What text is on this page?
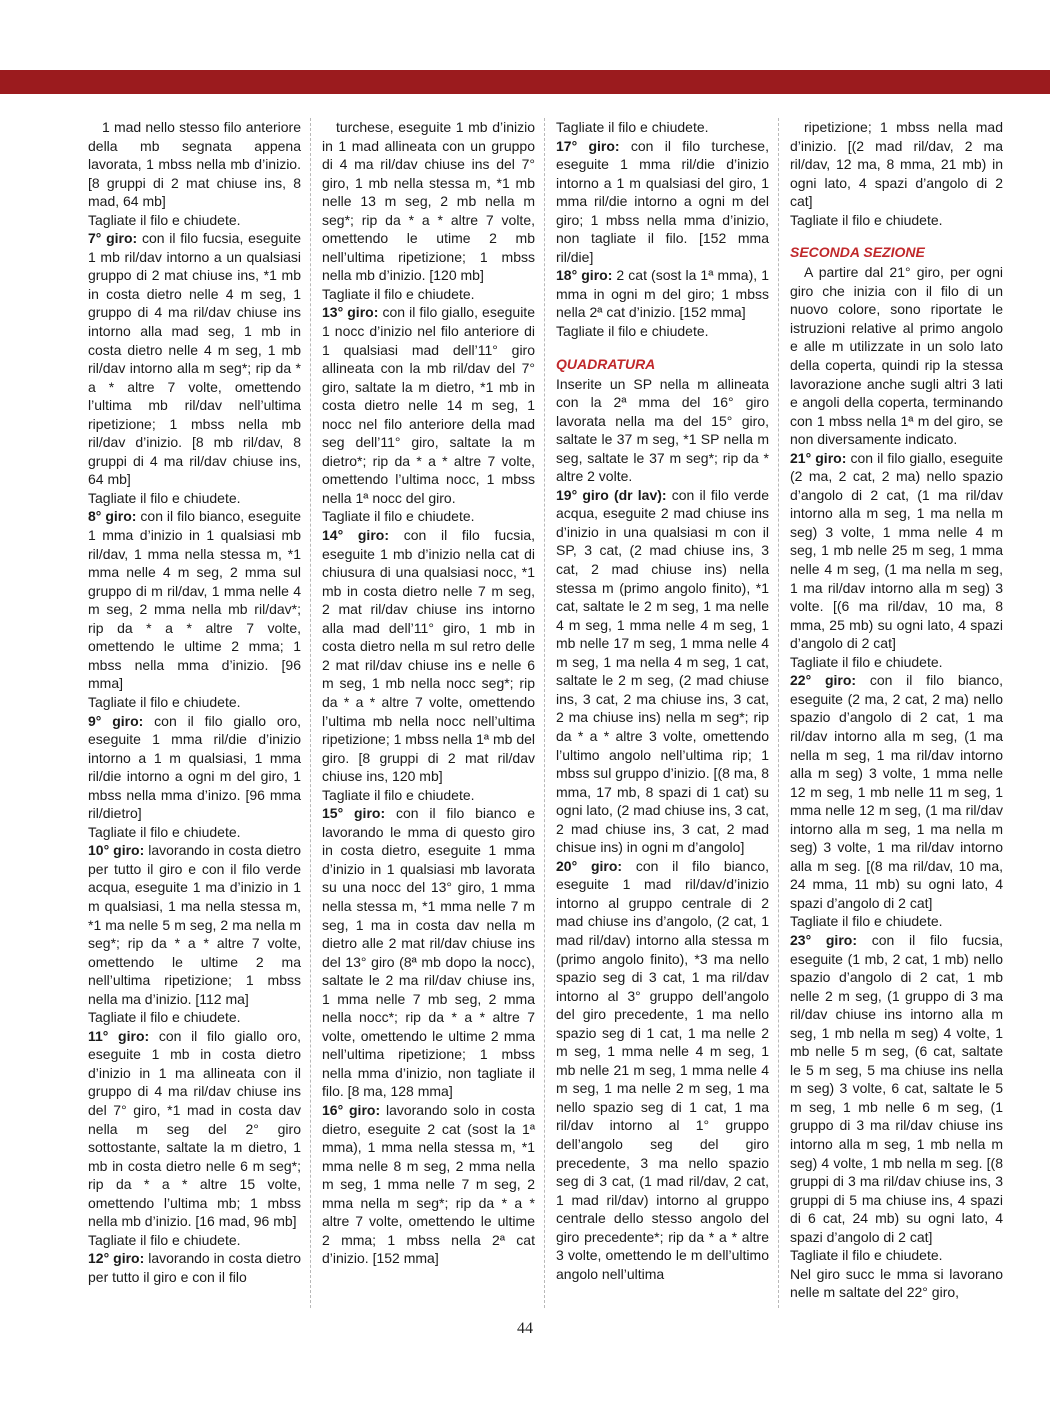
1 mad nello stesso filo anteriore della mb segnata appena lavorata, 1 mbss nella mb d’inizio. [8 gruppi di 2 mat chiuse ins, 8 mad, 64 mb]

Tagliate il filo e chiudete.

7° giro: con il filo fucsia, eseguite 1 mb ril/dav intorno a un qualsiasi gruppo di 2 mat chiuse ins, *1 mb in costa dietro nelle 4 m seg, 1 gruppo di 4 ma ril/dav chiuse ins intorno alla mad seg, 1 mb in costa dietro nelle 4 m seg, 1 mb ril/dav intorno alla m seg*; rip da * a * altre 7 volte, omettendo l’ultima mb ril/dav nell’ultima ripetizione; 1 mbss nella mb ril/dav d’inizio. [8 mb ril/dav, 8 gruppi di 4 ma ril/dav chiuse ins, 64 mb]

Tagliate il filo e chiudete.

8° giro: con il filo bianco, eseguite 1 mma d’inizio in 1 qualsiasi mb ril/dav, 1 mma nella stessa m, *1 mma nelle 4 m seg, 2 mma sul gruppo di m ril/dav, 1 mma nelle 4 m seg, 2 mma nella mb ril/dav*; rip da * a * altre 7 volte, omettendo le ultime 2 mma; 1 mbss nella mma d’inizio. [96 mma]

Tagliate il filo e chiudete.

9° giro: con il filo giallo oro, eseguite 1 mma ril/die d’inizio intorno a 1 m qualsiasi, 1 mma ril/die intorno a ogni m del giro, 1 mbss nella mma d’inizo. [96 mma ril/dietro]

Tagliate il filo e chiudete.

10° giro: lavorando in costa dietro per tutto il giro e con il filo verde acqua, eseguite 1 ma d’inizio in 1 m qualsiasi, 1 ma nella stessa m, *1 ma nelle 5 m seg, 2 ma nella m seg*; rip da * a * altre 7 volte, omettendo le ultime 2 ma nell’ultima ripetizione; 1 mbss nella ma d’inizio. [112 ma]

Tagliate il filo e chiudete.

11° giro: con il filo giallo oro, eseguite 1 mb in costa dietro d’inizio in 1 ma allineata con il gruppo di 4 ma ril/dav chiuse ins del 7° giro, *1 mad in costa dav nella m seg del 2° giro sottostante, saltate la m dietro, 1 mb in costa dietro nelle 6 m seg*; rip da * a * altre 15 volte, omettendo l’ultima mb; 1 mbss nella mb d’inizio. [16 mad, 96 mb]

Tagliate il filo e chiudete.

12° giro: lavorando in costa dietro per tutto il giro e con il filo

turchese, eseguite 1 mb d’inizio in 1 mad allineata con un gruppo di 4 ma ril/dav chiuse ins del 7° giro, 1 mb nella stessa m, *1 mb nelle 13 m seg, 2 mb nella m seg*; rip da * a * altre 7 volte, omettendo le utime 2 mb nell’ultima ripetizione; 1 mbss nella mb d’inizio. [120 mb]

Tagliate il filo e chiudete.

13° giro: con il filo giallo, eseguite 1 nocc d’inizio nel filo anteriore di 1 qualsiasi mad dell’11° giro allineata con la mb ril/dav del 7° giro, saltate la m dietro, *1 mb in costa dietro nelle 14 m seg, 1 nocc nel filo anteriore della mad seg dell’11° giro, saltate la m dietro*; rip da * a * altre 7 volte, omettendo l’ultima nocc, 1 mbss nella 1ª nocc del giro.

Tagliate il filo e chiudete.

14° giro: con il filo fucsia, eseguite 1 mb d’inizio nella cat di chiusura di una qualsiasi nocc, *1 mb in costa dietro nelle 7 m seg, 2 mat ril/dav chiuse ins intorno alla mad dell’11° giro, 1 mb in costa dietro nella m sul retro delle 2 mat ril/dav chiuse ins e nelle 6 m seg, 1 mb nella nocc seg*; rip da * a * altre 7 volte, omettendo l’ultima mb nella nocc nell’ultima ripetizione; 1 mbss nella 1ª mb del giro. [8 gruppi di 2 mat ril/dav chiuse ins, 120 mb]

Tagliate il filo e chiudete.

15° giro: con il filo bianco e lavorando le mma di questo giro in costa dietro, eseguite 1 mma d’inizio in 1 qualsiasi mb lavorata su una nocc del 13° giro, 1 mma nella stessa m, *1 mma nelle 7 m seg, 1 ma in costa dav nella m dietro alle 2 mat ril/dav chiuse ins del 13° giro (8ª mb dopo la nocc), saltate le 2 ma ril/dav chiuse ins, 1 mma nelle 7 mb seg, 2 mma nella nocc*; rip da * a * altre 7 volte, omettendo le ultime 2 mma nell’ultima ripetizione; 1 mbss nella mma d’inizio, non tagliate il filo. [8 ma, 128 mma]

16° giro: lavorando solo in costa dietro, eseguite 2 cat (sost la 1ª mma), 1 mma nella stessa m, *1 mma nelle 8 m seg, 2 mma nella m seg, 1 mma nelle 7 m seg, 2 mma nella m seg*; rip da * a * altre 7 volte, omettendo le ultime 2 mma; 1 mbss nella 2ª cat d’inizio. [152 mma]

Tagliate il filo e chiudete.

17° giro: con il filo turchese, eseguite 1 mma ril/die d’inizio intorno a 1 m qualsiasi del giro, 1 mma ril/die intorno a ogni m del giro; 1 mbss nella mma d’inizio, non tagliate il filo. [152 mma ril/die]

18° giro: 2 cat (sost la 1ª mma), 1 mma in ogni m del giro; 1 mbss nella 2ª cat d’inizio. [152 mma]

Tagliate il filo e chiudete.

QUADRATURA

Inserite un SP nella m allineata con la 2ª mma del 16° giro lavorata nella ma del 15° giro, saltate le 37 m seg, *1 SP nella m seg, saltate le 37 m seg*; rip da * altre 2 volte.

19° giro (dr lav): con il filo verde acqua, eseguite 2 mad chiuse ins d’inizio in una qualsiasi m con il SP, 3 cat, (2 mad chiuse ins, 3 cat, 2 mad chiuse ins) nella stessa m (primo angolo finito), *1 cat, saltate le 2 m seg, 1 ma nelle 4 m seg, 1 mma nelle 4 m seg, 1 mb nelle 17 m seg, 1 mma nelle 4 m seg, 1 ma nella 4 m seg, 1 cat, saltate le 2 m seg, (2 mad chiuse ins, 3 cat, 2 ma chiuse ins, 3 cat, 2 ma chiuse ins) nella m seg*; rip da * a * altre 3 volte, omettendo l’ultimo angolo nell’ultima rip; 1 mbss sul gruppo d’inizio. [(8 ma, 8 mma, 17 mb, 8 spazi di 1 cat) su ogni lato, (2 mad chiuse ins, 3 cat, 2 mad chiuse ins, 3 cat, 2 mad chisue ins) in ogni m d’angolo]

20° giro: con il filo bianco, eseguite 1 mad ril/dav/d’inizio intorno al gruppo centrale di 2 mad chiuse ins d’angolo, (2 cat, 1 mad ril/dav) intorno alla stessa m (primo angolo finito), *3 ma nello spazio seg di 3 cat, 1 ma ril/dav intorno al 3° gruppo dell’angolo del giro precedente, 1 ma nello spazio seg di 1 cat, 1 ma nelle 2 m seg, 1 mma nelle 4 m seg, 1 mb nelle 21 m seg, 1 mma nelle 4 m seg, 1 ma nelle 2 m seg, 1 ma nello spazio seg di 1 cat, 1 ma ril/dav intorno al 1° gruppo dell’angolo seg del giro precedente, 3 ma nello spazio seg di 3 cat, (1 mad ril/dav, 2 cat, 1 mad ril/dav) intorno al gruppo centrale dello stesso angolo del giro precedente*; rip da * a * altre 3 volte, omettendo le m dell’ultimo angolo nell’ultima

ripetizione; 1 mbss nella mad d’inizio. [(2 mad ril/dav, 2 ma ril/dav, 12 ma, 8 mma, 21 mb) in ogni lato, 4 spazi d’angolo di 2 cat]

Tagliate il filo e chiudete.

SECONDA SEZIONE

A partire dal 21° giro, per ogni giro che inizia con il filo di un nuovo colore, sono riportate le istruzioni relative al primo angolo e alle m utilizzate in un solo lato della coperta, quindi rip la stessa lavorazione anche sugli altri 3 lati e angoli della coperta, terminando con 1 mbss nella 1ª m del giro, se non diversamente indicato.

21° giro: con il filo giallo, eseguite (2 ma, 2 cat, 2 ma) nello spazio d’angolo di 2 cat, (1 ma ril/dav intorno alla m seg, 1 ma nella m seg) 3 volte, 1 mma nelle 4 m seg, 1 mb nelle 25 m seg, 1 mma nelle 4 m seg, (1 ma nella m seg, 1 ma ril/dav intorno alla m seg) 3 volte. [(6 ma ril/dav, 10 ma, 8 mma, 25 mb) su ogni lato, 4 spazi d’angolo di 2 cat]

Tagliate il filo e chiudete.

22° giro: con il filo bianco, eseguite (2 ma, 2 cat, 2 ma) nello spazio d’angolo di 2 cat, 1 ma ril/dav intorno alla m seg, (1 ma nella m seg, 1 ma ril/dav intorno alla m seg) 3 volte, 1 mma nelle 12 m seg, 1 mb nelle 11 m seg, 1 mma nelle 12 m seg, (1 ma ril/dav intorno alla m seg, 1 ma nella m seg) 3 volte, 1 ma ril/dav intorno alla m seg. [(8 ma ril/dav, 10 ma, 24 mma, 11 mb) su ogni lato, 4 spazi d’angolo di 2 cat]

Tagliate il filo e chiudete.

23° giro: con il filo fucsia, eseguite (1 mb, 2 cat, 1 mb) nello spazio d’angolo di 2 cat, 1 mb nelle 2 m seg, (1 gruppo di 3 ma ril/dav chiuse ins intorno alla m seg, 1 mb nella m seg) 4 volte, 1 mb nelle 5 m seg, (6 cat, saltate le 5 m seg, 5 ma chiuse ins nella m seg) 3 volte, 6 cat, saltate le 5 m seg, 1 mb nelle 6 m seg, (1 gruppo di 3 ma ril/dav chiuse ins intorno alla m seg, 1 mb nella m seg) 4 volte, 1 mb nella m seg. [(8 gruppi di 3 ma ril/dav chiuse ins, 3 gruppi di 5 ma chiuse ins, 4 spazi di 6 cat, 24 mb) su ogni lato, 4 spazi d’angolo di 2 cat]

Tagliate il filo e chiudete.

Nel giro succ le mma si lavorano nelle m saltate del 22° giro,

44
